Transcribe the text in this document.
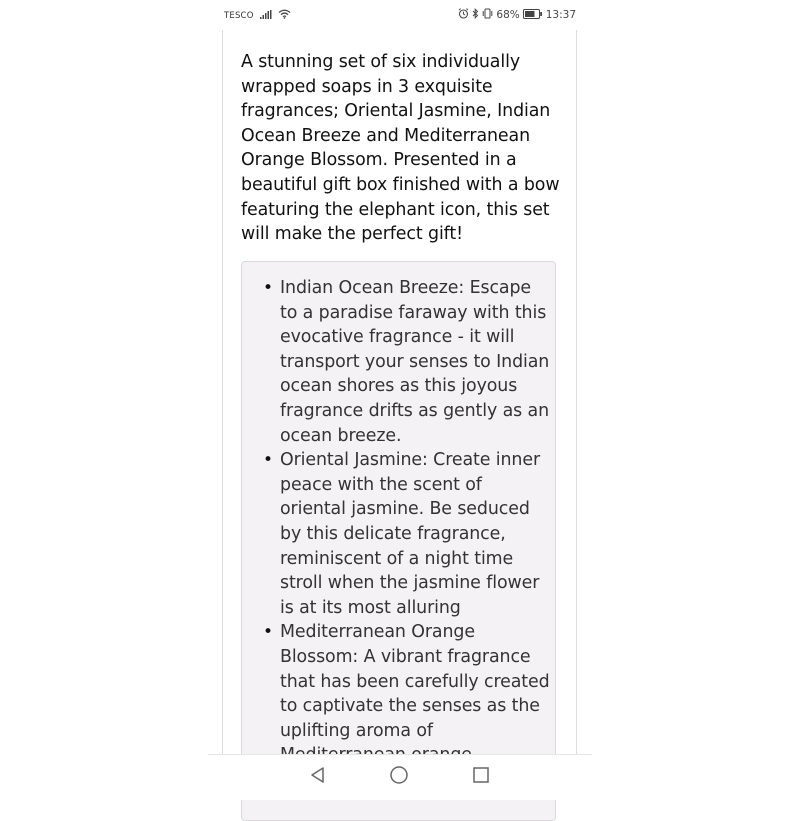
TESCO	68% 13:37

A stunning set of six individually wrapped soaps in 3 exquisite fragrances; Oriental Jasmine, Indian Ocean Breeze and Mediterranean Orange Blossom. Presented in a beautiful gift box finished with a bow featuring the elephant icon, this set will make the perfect gift!

• Indian Ocean Breeze: Escape to a paradise faraway with this evocative fragrance - it will transport your senses to Indian ocean shores as this joyous fragrance drifts as gently as an ocean breeze.
• Oriental Jasmine: Create inner peace with the scent of oriental jasmine. Be seduced by this delicate fragrance, reminiscent of a night time stroll when the jasmine flower is at its most alluring
• Mediterranean Orange Blossom: A vibrant fragrance that has been carefully created to captivate the senses as the uplifting aroma of
